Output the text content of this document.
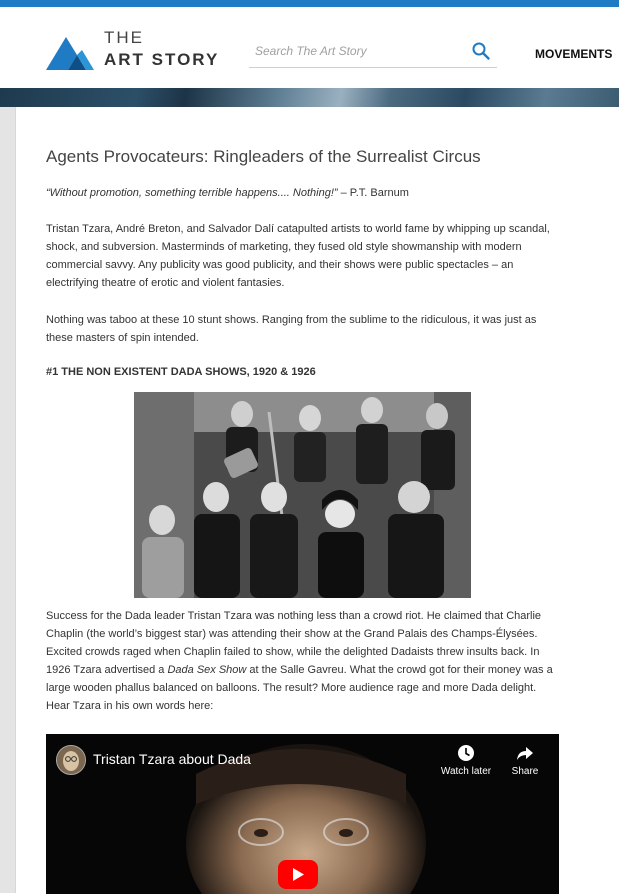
THE
ART STORY
Search The Art Story	MOVEMENTS
Agents Provocateurs: Ringleaders of the Surrealist Circus
“Without promotion, something terrible happens.... Nothing!” – P.T. Barnum

Tristan Tzara, André Breton, and Salvador Dalí catapulted artists to world fame by whipping up scandal, shock, and subversion. Masterminds of marketing, they fused old style showmanship with modern commercial savvy. Any publicity was good publicity, and their shows were public spectacles – an electrifying theatre of erotic and violent fantasies.

Nothing was taboo at these 10 stunt shows. Ranging from the sublime to the ridiculous, it was just as these masters of spin intended.

#1 THE NON EXISTENT DADA SHOWS, 1920 & 1926

Success for the Dada leader Tristan Tzara was nothing less than a crowd riot. He claimed that Charlie Chaplin (the world’s biggest star) was attending their show at the Grand Palais des Champs-Élysées. Excited crowds raged when Chaplin failed to show, while the delighted Dadaists threw insults back. In 1926 Tzara advertised a Dada Sex Show at the Salle Gavreu. What the crowd got for their money was a large wooden phallus balanced on balloons. The result? More audience rage and more Dada delight. Hear Tzara in his own words here:

Tristan Tzara about Dada
Watch later	Share
